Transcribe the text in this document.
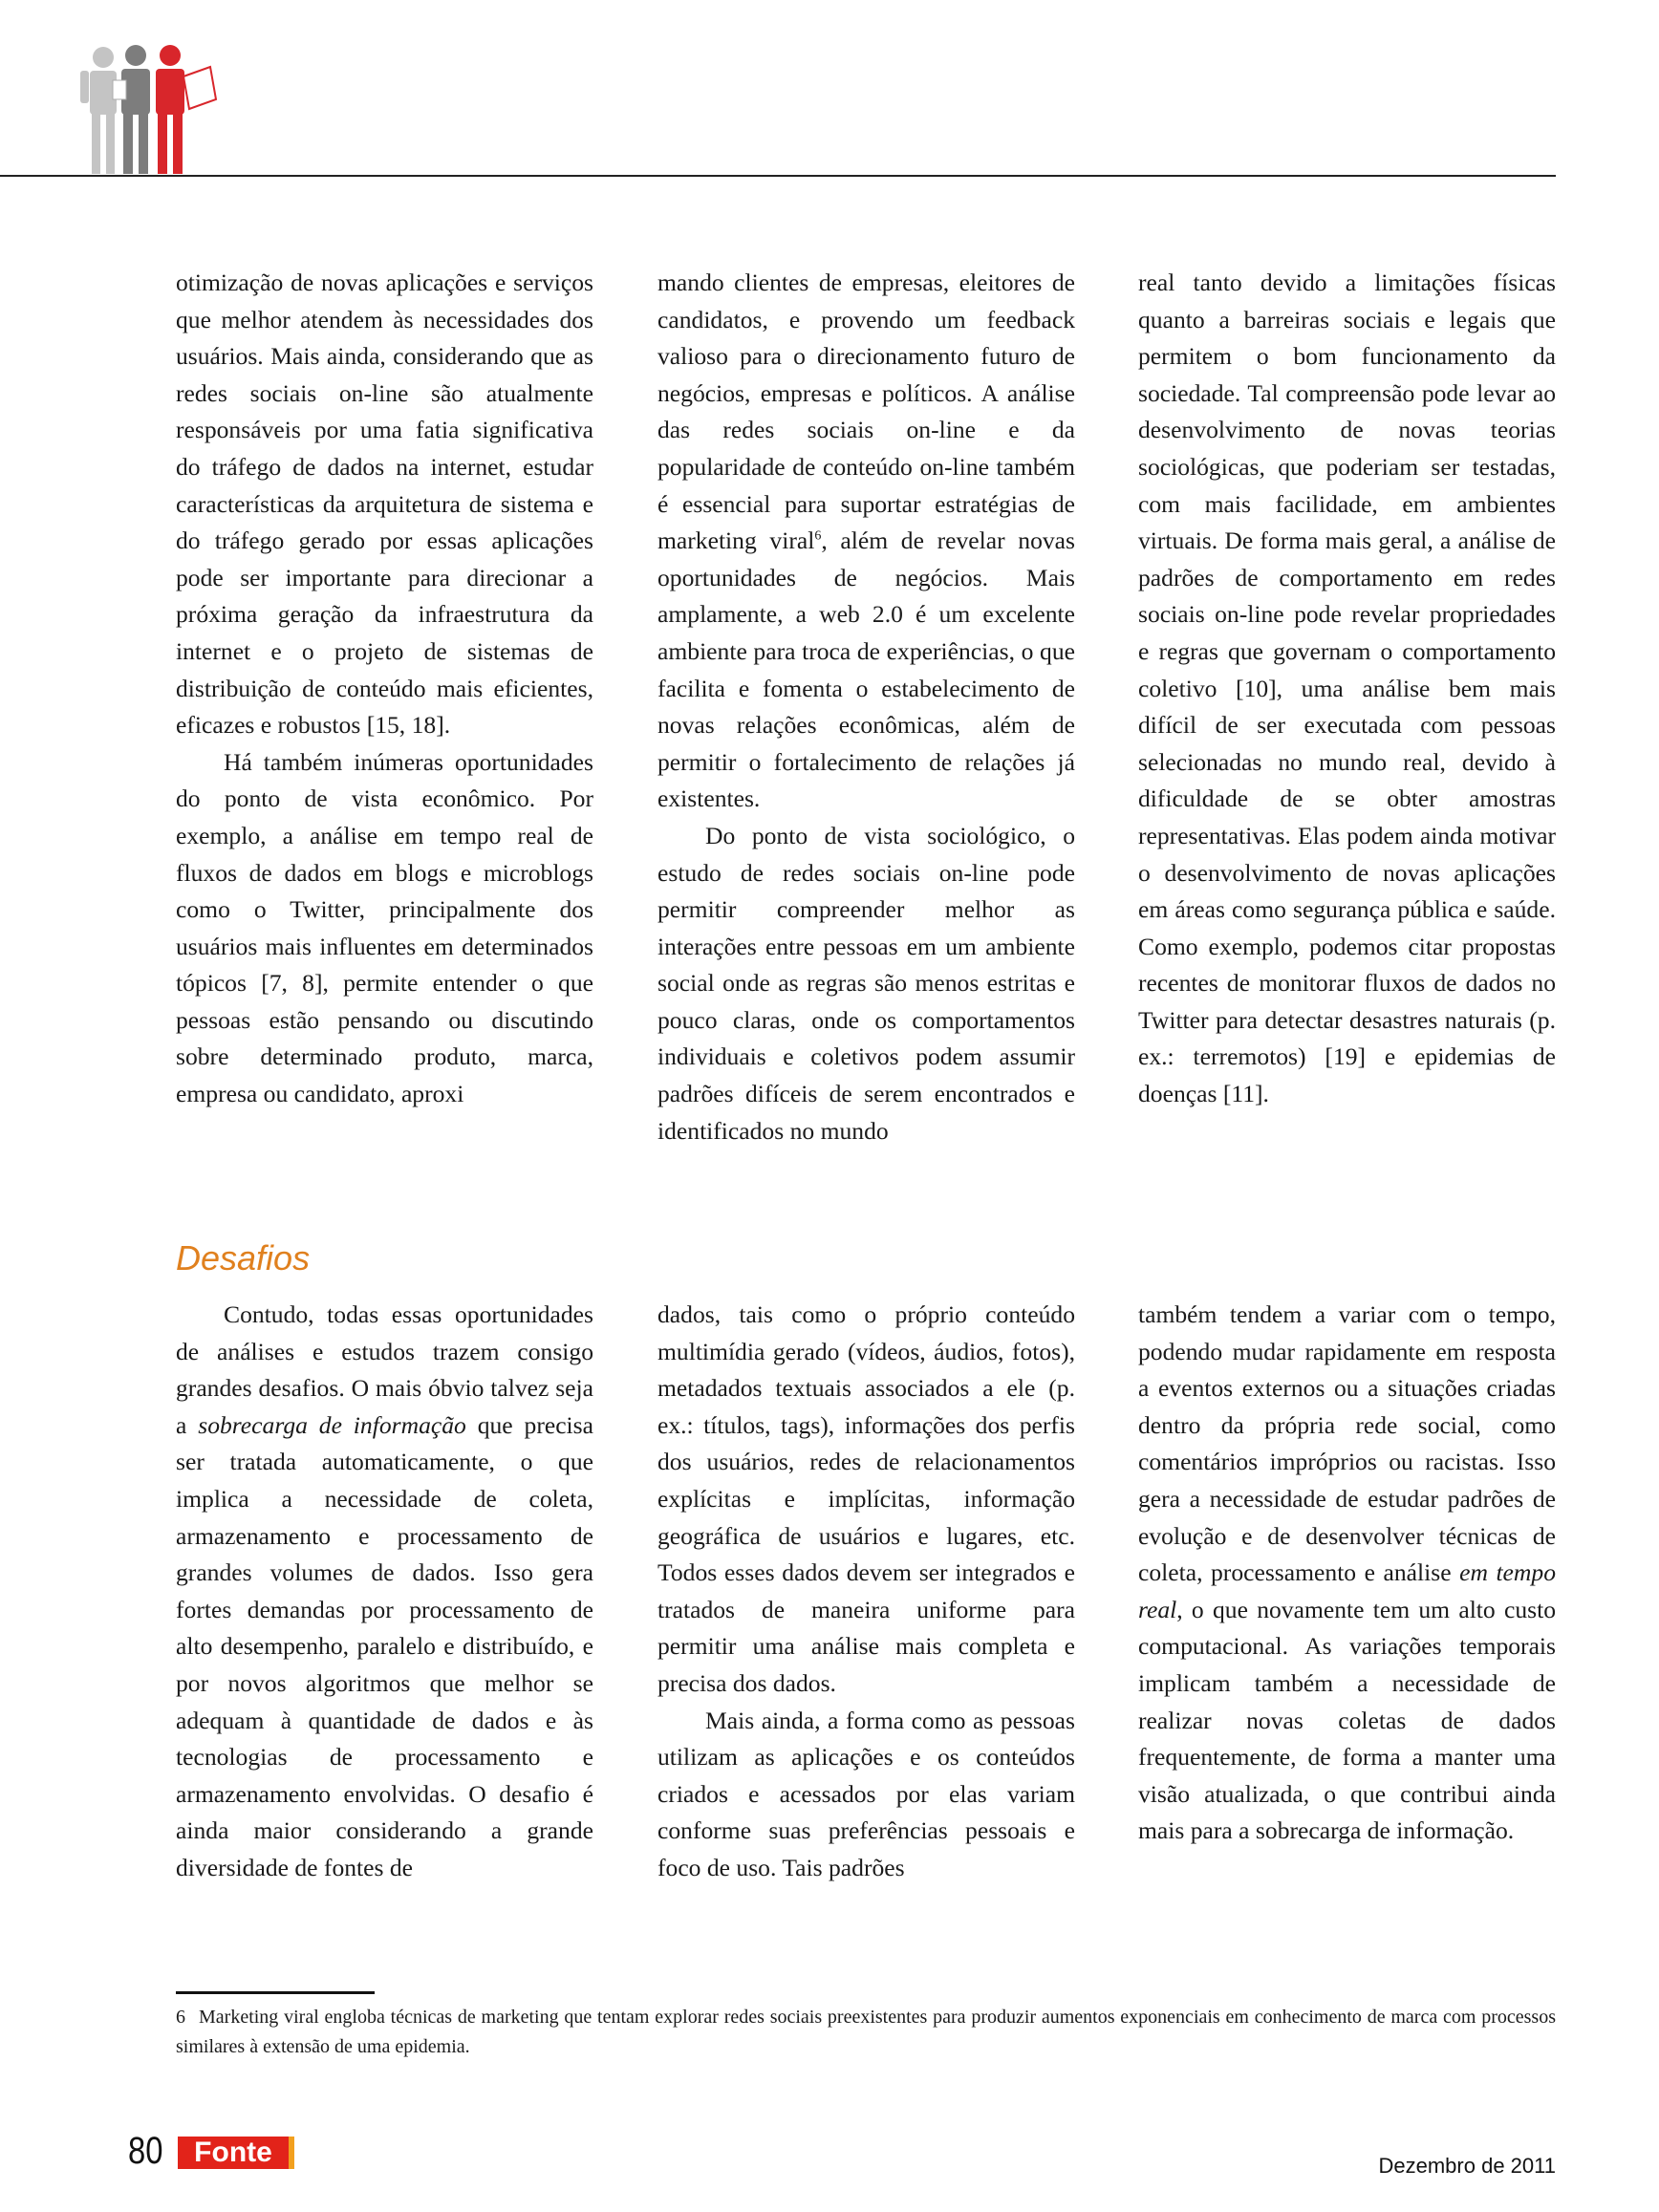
otimização de novas aplicações e serviços que melhor atendem às necessidades dos usuários. Mais ainda, considerando que as redes sociais on-line são atualmente responsáveis por uma fatia significativa do tráfego de dados na internet, estudar características da arquitetura de sistema e do tráfego gerado por essas aplicações pode ser importante para direcionar a próxima geração da infraestrutura da internet e o projeto de sistemas de distribuição de conteúdo mais eficientes, eficazes e robustos [15, 18].

Há também inúmeras oportunidades do ponto de vista econômico. Por exemplo, a análise em tempo real de fluxos de dados em blogs e microblogs como o Twitter, principalmente dos usuários mais influentes em determinados tópicos [7, 8], permite entender o que pessoas estão pensando ou discutindo sobre determinado produto, marca, empresa ou candidato, aproxi

mando clientes de empresas, eleitores de candidatos, e provendo um feedback valioso para o direcionamento futuro de negócios, empresas e políticos. A análise das redes sociais on-line e da popularidade de conteúdo on-line também é essencial para suportar estratégias de marketing viral$^6$, além de revelar novas oportunidades de negócios. Mais amplamente, a web 2.0 é um excelente ambiente para troca de experiências, o que facilita e fomenta o estabelecimento de novas relações econômicas, além de permitir o fortalecimento de relações já existentes.

Do ponto de vista sociológico, o estudo de redes sociais on-line pode permitir compreender melhor as interações entre pessoas em um ambiente social onde as regras são menos estritas e pouco claras, onde os comportamentos individuais e coletivos podem assumir padrões difíceis de serem encontrados e identificados no mundo

real tanto devido a limitações físicas quanto a barreiras sociais e legais que permitem o bom funcionamento da sociedade. Tal compreensão pode levar ao desenvolvimento de novas teorias sociológicas, que poderiam ser testadas, com mais facilidade, em ambientes virtuais. De forma mais geral, a análise de padrões de comportamento em redes sociais on-line pode revelar propriedades e regras que governam o comportamento coletivo [10], uma análise bem mais difícil de ser executada com pessoas selecionadas no mundo real, devido à dificuldade de se obter amostras representativas. Elas podem ainda motivar o desenvolvimento de novas aplicações em áreas como segurança pública e saúde. Como exemplo, podemos citar propostas recentes de monitorar fluxos de dados no Twitter para detectar desastres naturais (p. ex.: terremotos) [19] e epidemias de doenças [11].

Desafios

Contudo, todas essas oportunidades de análises e estudos trazem consigo grandes desafios. O mais óbvio talvez seja a sobrecarga de informação que precisa ser tratada automaticamente, o que implica a necessidade de coleta, armazenamento e processamento de grandes volumes de dados. Isso gera fortes demandas por processamento de alto desempenho, paralelo e distribuído, e por novos algoritmos que melhor se adequam à quantidade de dados e às tecnologias de processamento e armazenamento envolvidas. O desafio é ainda maior considerando a grande diversidade de fontes de

dados, tais como o próprio conteúdo multimídia gerado (vídeos, áudios, fotos), metadados textuais associados a ele (p. ex.: títulos, tags), informações dos perfis dos usuários, redes de relacionamentos explícitas e implícitas, informação geográfica de usuários e lugares, etc. Todos esses dados devem ser integrados e tratados de maneira uniforme para permitir uma análise mais completa e precisa dos dados.

Mais ainda, a forma como as pessoas utilizam as aplicações e os conteúdos criados e acessados por elas variam conforme suas preferências pessoais e foco de uso. Tais padrões

também tendem a variar com o tempo, podendo mudar rapidamente em resposta a eventos externos ou a situações criadas dentro da própria rede social, como comentários impróprios ou racistas. Isso gera a necessidade de estudar padrões de evolução e de desenvolver técnicas de coleta, processamento e análise em tempo real, o que novamente tem um alto custo computacional. As variações temporais implicam também a necessidade de realizar novas coletas de dados frequentemente, de forma a manter uma visão atualizada, o que contribui ainda mais para a sobrecarga de informação.

6 Marketing viral engloba técnicas de marketing que tentam explorar redes sociais preexistentes para produzir aumentos exponenciais em conhecimento de marca com processos similares à extensão de uma epidemia.
80	Fonte	Dezembro de 2011
